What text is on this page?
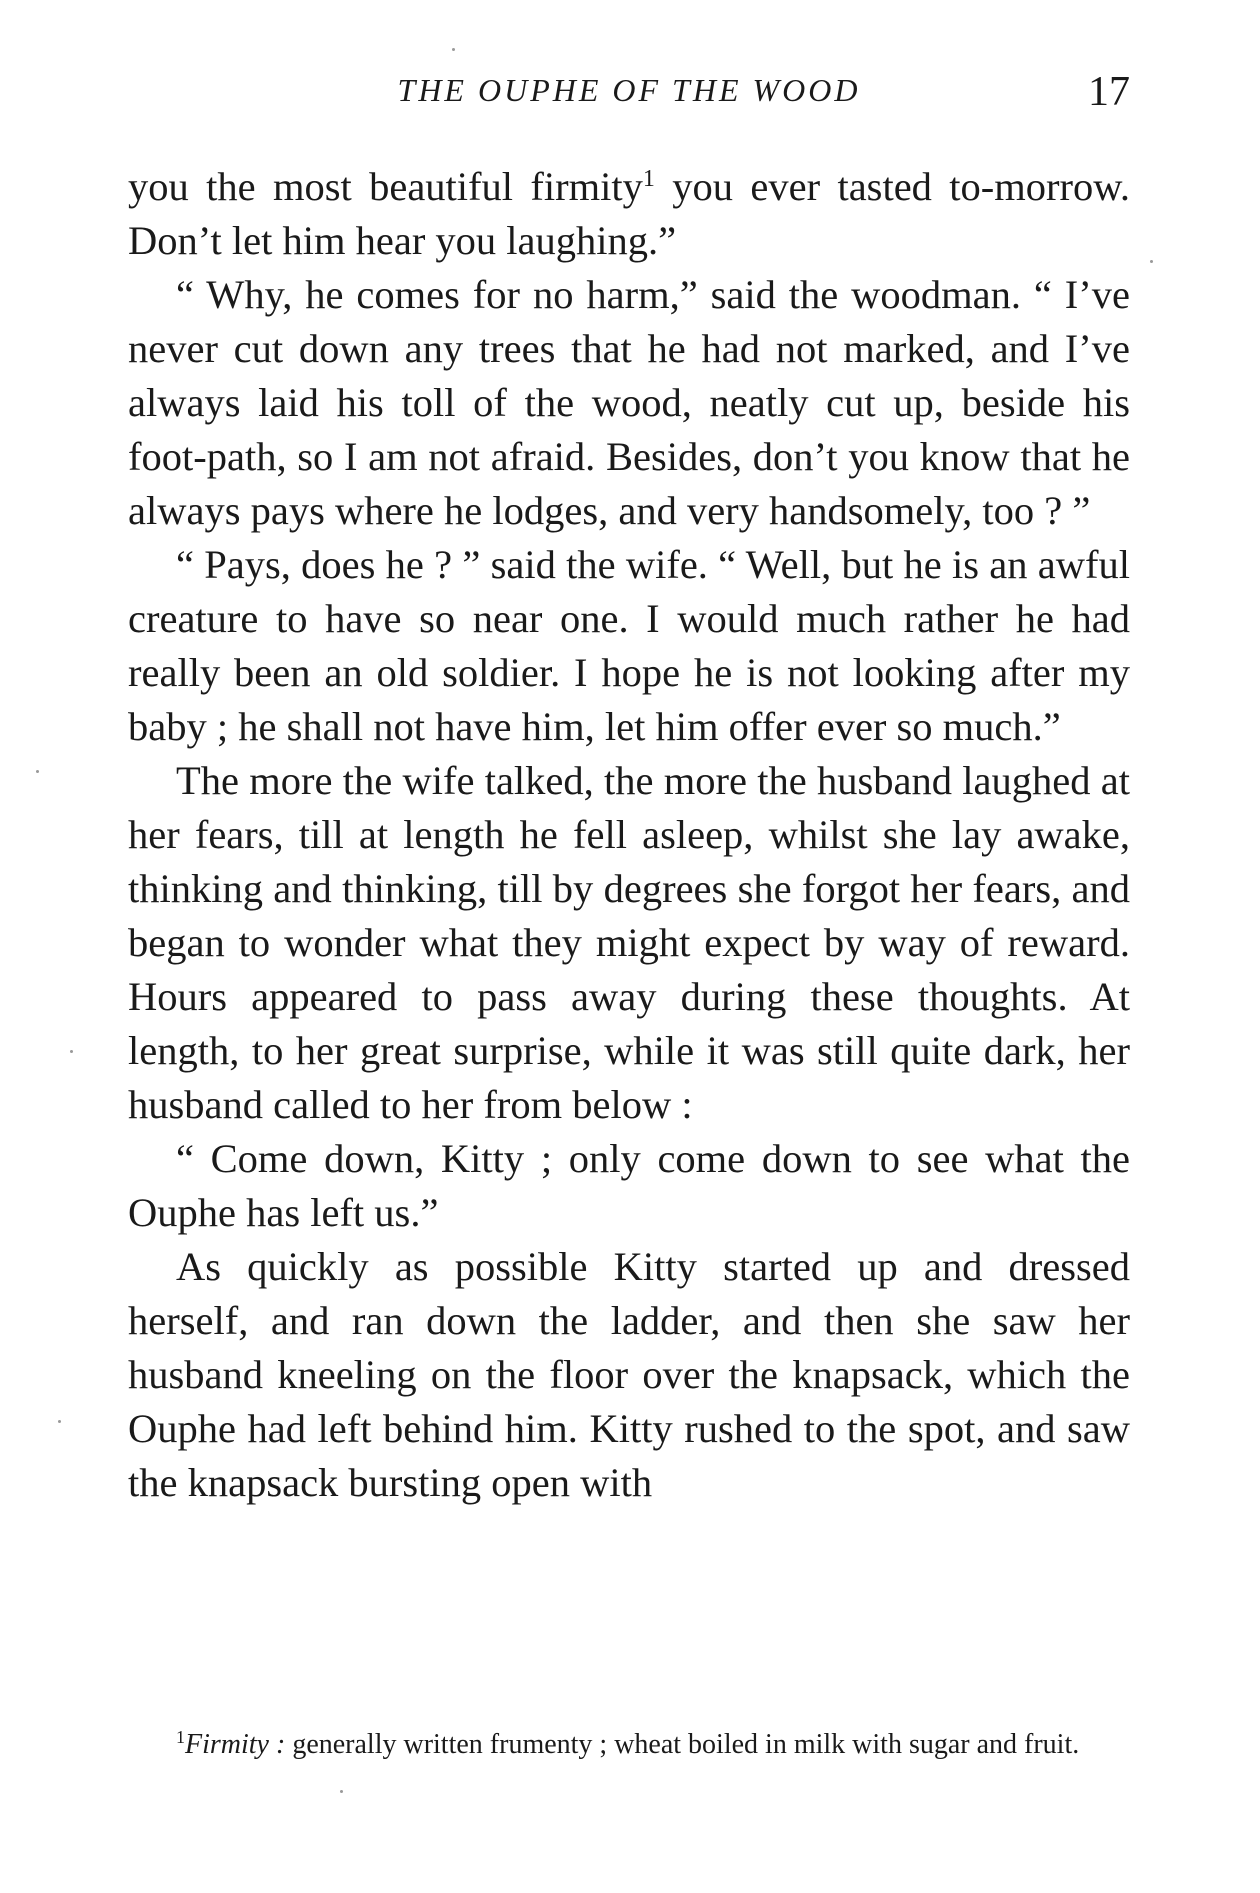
THE OUPHE OF THE WOOD	17

you the most beautiful firmity$^1$ you ever tasted to-morrow. Don’t let him hear you laughing.”

“ Why, he comes for no harm,” said the woodman. “ I’ve never cut down any trees that he had not marked, and I’ve always laid his toll of the wood, neatly cut up, beside his foot-path, so I am not afraid. Besides, don’t you know that he always pays where he lodges, and very handsomely, too ? ”

“ Pays, does he ? ” said the wife. “ Well, but he is an awful creature to have so near one. I would much rather he had really been an old soldier. I hope he is not looking after my baby ; he shall not have him, let him offer ever so much.”

The more the wife talked, the more the husband laughed at her fears, till at length he fell asleep, whilst she lay awake, thinking and thinking, till by degrees she forgot her fears, and began to wonder what they might expect by way of reward. Hours appeared to pass away during these thoughts. At length, to her great surprise, while it was still quite dark, her husband called to her from below :

“ Come down, Kitty ; only come down to see what the Ouphe has left us.”

As quickly as possible Kitty started up and dressed herself, and ran down the ladder, and then she saw her husband kneeling on the floor over the knapsack, which the Ouphe had left behind him. Kitty rushed to the spot, and saw the knapsack bursting open with

$^1$Firmity : generally written frumenty ; wheat boiled in milk with sugar and fruit.
